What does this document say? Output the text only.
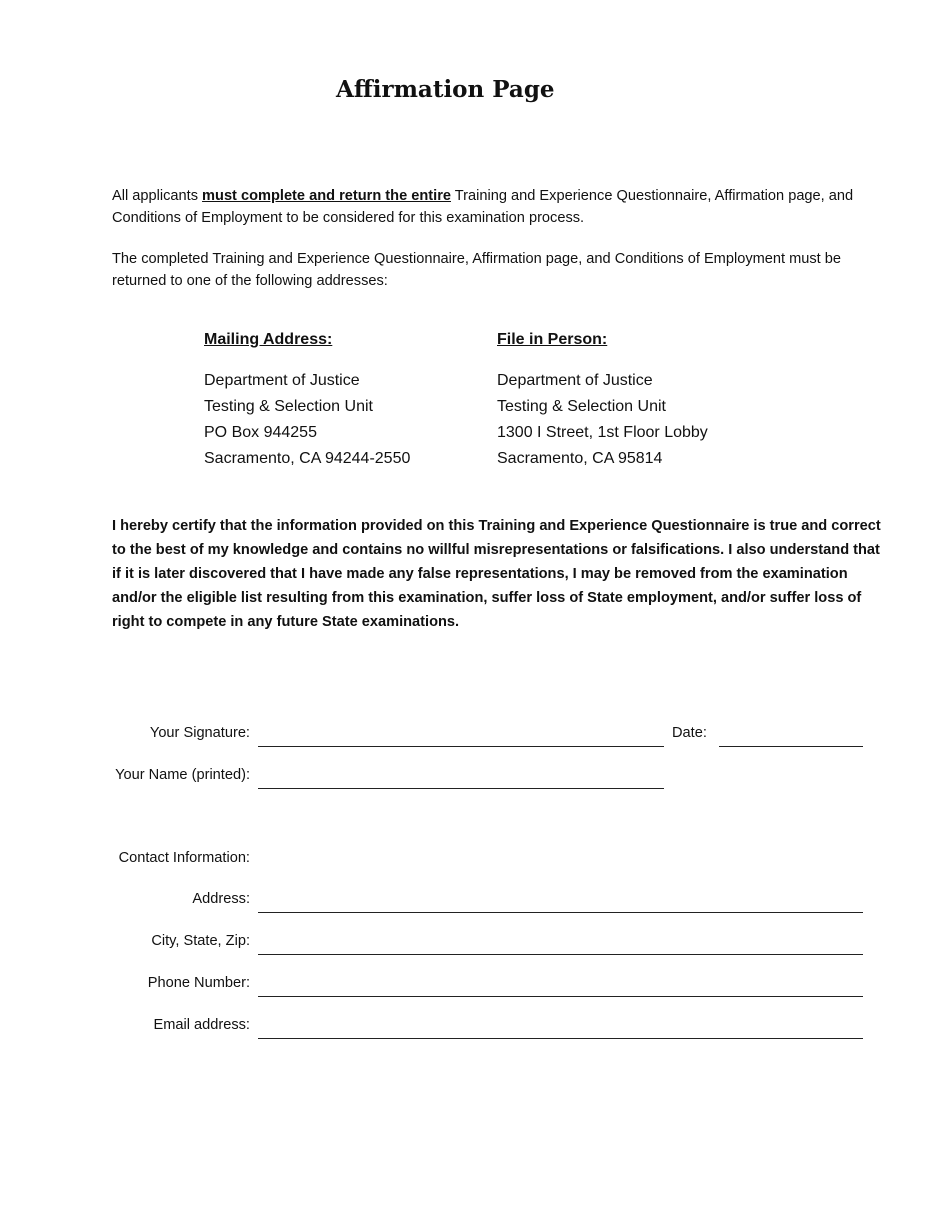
Affirmation Page

All applicants must complete and return the entire Training and Experience Questionnaire, Affirmation page, and Conditions of Employment to be considered for this examination process.

The completed Training and Experience Questionnaire, Affirmation page, and Conditions of Employment must be returned to one of the following addresses:

Mailing Address:
Department of Justice
Testing & Selection Unit
PO Box 944255
Sacramento, CA 94244-2550
File in Person:
Department of Justice
Testing & Selection Unit
1300 I Street, 1st Floor Lobby
Sacramento, CA 95814

I hereby certify that the information provided on this Training and Experience Questionnaire is true and correct to the best of my knowledge and contains no willful misrepresentations or falsifications. I also understand that if it is later discovered that I have made any false representations, I may be removed from the examination and/or the eligible list resulting from this examination, suffer loss of State employment, and/or suffer loss of right to compete in any future State examinations.

Your Signature:	Date:
Your Name (printed):
Contact Information:
Address:
City, State, Zip:
Phone Number:
Email address:
